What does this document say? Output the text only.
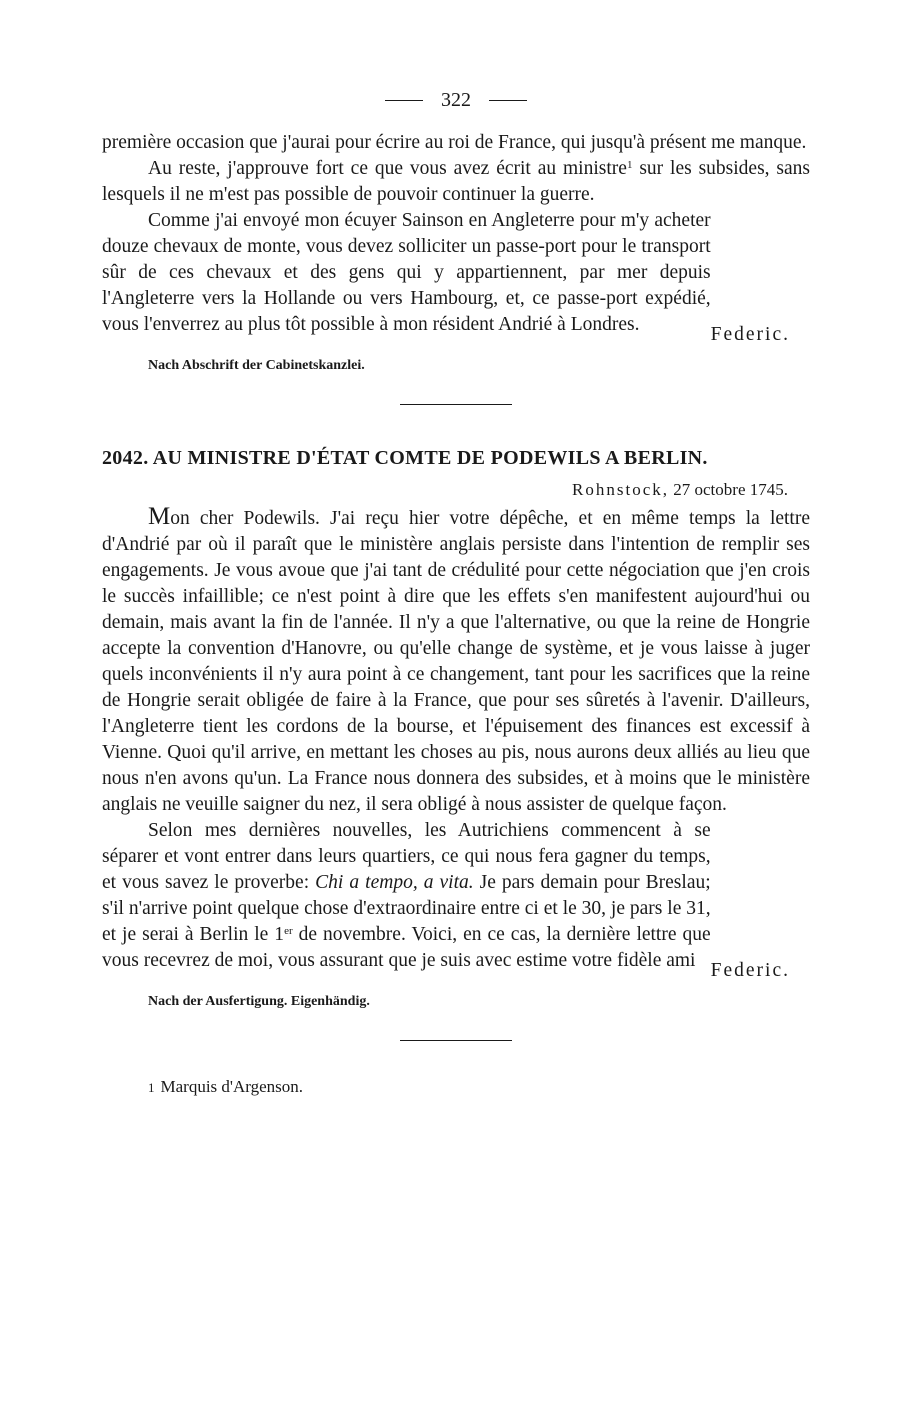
322

première occasion que j'aurai pour écrire au roi de France, qui jusqu'à présent me manque.

Au reste, j'approuve fort ce que vous avez écrit au ministre$^1$ sur les subsides, sans lesquels il ne m'est pas possible de pouvoir continuer la guerre.

Comme j'ai envoyé mon écuyer Sainson en Angleterre pour m'y acheter douze chevaux de monte, vous devez solliciter un passe-port pour le transport sûr de ces chevaux et des gens qui y appartiennent, par mer depuis l'Angleterre vers la Hollande ou vers Hambourg, et, ce passe-port expédié, vous l'enverrez au plus tôt possible à mon résident Andrié à Londres.	Federic.
Nach Abschrift der Cabinetskanzlei.
2042. AU MINISTRE D'ÉTAT COMTE DE PODEWILS A BERLIN.
Rohnstock, 27 octobre 1745.

Mon cher Podewils. J'ai reçu hier votre dépêche, et en même temps la lettre d'Andrié par où il paraît que le ministère anglais persiste dans l'intention de remplir ses engagements. Je vous avoue que j'ai tant de crédulité pour cette négociation que j'en crois le succès infaillible; ce n'est point à dire que les effets s'en manifestent aujourd'hui ou demain, mais avant la fin de l'année. Il n'y a que l'alternative, ou que la reine de Hongrie accepte la convention d'Hanovre, ou qu'elle change de système, et je vous laisse à juger quels inconvénients il n'y aura point à ce changement, tant pour les sacrifices que la reine de Hongrie serait obligée de faire à la France, que pour ses sûretés à l'avenir. D'ailleurs, l'Angleterre tient les cordons de la bourse, et l'épuisement des finances est excessif à Vienne. Quoi qu'il arrive, en mettant les choses au pis, nous aurons deux alliés au lieu que nous n'en avons qu'un. La France nous donnera des subsides, et à moins que le ministère anglais ne veuille saigner du nez, il sera obligé à nous assister de quelque façon.

Selon mes dernières nouvelles, les Autrichiens commencent à se séparer et vont entrer dans leurs quartiers, ce qui nous fera gagner du temps, et vous savez le proverbe: Chi a tempo, a vita. Je pars demain pour Breslau; s'il n'arrive point quelque chose d'extraordinaire entre ci et le 30, je pars le 31, et je serai à Berlin le 1er de novembre. Voici, en ce cas, la dernière lettre que vous recevrez de moi, vous assurant que je suis avec estime votre fidèle ami Federic.
Nach der Ausfertigung. Eigenhändig.

1 Marquis d'Argenson.
